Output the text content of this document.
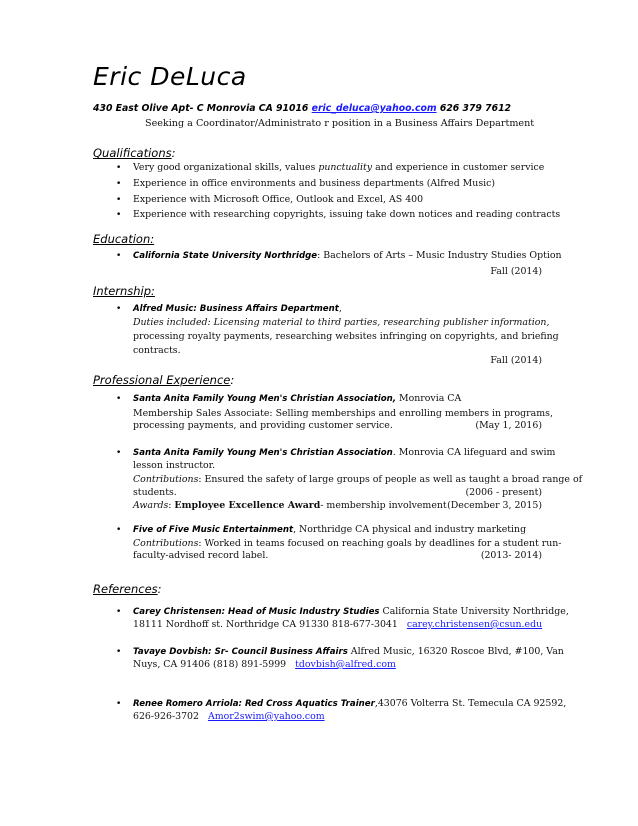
Eric DeLuca
430 East Olive Apt- C Monrovia CA 91016 eric_deluca@yahoo.com 626 379 7612
Seeking a Coordinator/Administrato r position in a Business Affairs Department
Qualifications:
• Very good organizational skills, values punctuality and experience in customer service
• Experience in office environments and business departments (Alfred Music)
• Experience with Microsoft Office, Outlook and Excel, AS 400
• Experience with researching copyrights, issuing take down notices and reading contracts
Education:
• California State University Northridge: Bachelors of Arts – Music Industry Studies Option
Fall (2014)
Internship:
• Alfred Music: Business Affairs Department,
Duties included: Licensing material to third parties, researching publisher information,
processing royalty payments, researching websites infringing on copyrights, and briefing
contracts.
Fall (2014)
Professional Experience:
• Santa Anita Family Young Men's Christian Association, Monrovia CA
Membership Sales Associate: Selling memberships and enrolling members in programs,
processing payments, and providing customer service.	(May 1, 2016)
• Santa Anita Family Young Men's Christian Association. Monrovia CA lifeguard and swim
lesson instructor.
Contributions: Ensured the safety of large groups of people as well as taught a broad range of
students.	(2006 - present)
Awards: Employee Excellence Award- membership involvement (December 3, 2015)
• Five of Five Music Entertainment, Northridge CA physical and industry marketing
Contributions: Worked in teams focused on reaching goals by deadlines for a student run-
faculty-advised record label.	(2013- 2014)
References:
• Carey Christensen: Head of Music Industry Studies California State University Northridge,
18111 Nordhoff st. Northridge CA 91330 818-677-3041 carey.christensen@csun.edu
• Tavaye Dovbish: Sr- Council Business Affairs Alfred Music, 16320 Roscoe Blvd, #100, Van
Nuys, CA 91406 (818) 891-5999 tdovbish@alfred.com
• Renee Romero Arriola: Red Cross Aquatics Trainer,43076 Volterra St. Temecula CA 92592,
626-926-3702 Amor2swim@yahoo.com
